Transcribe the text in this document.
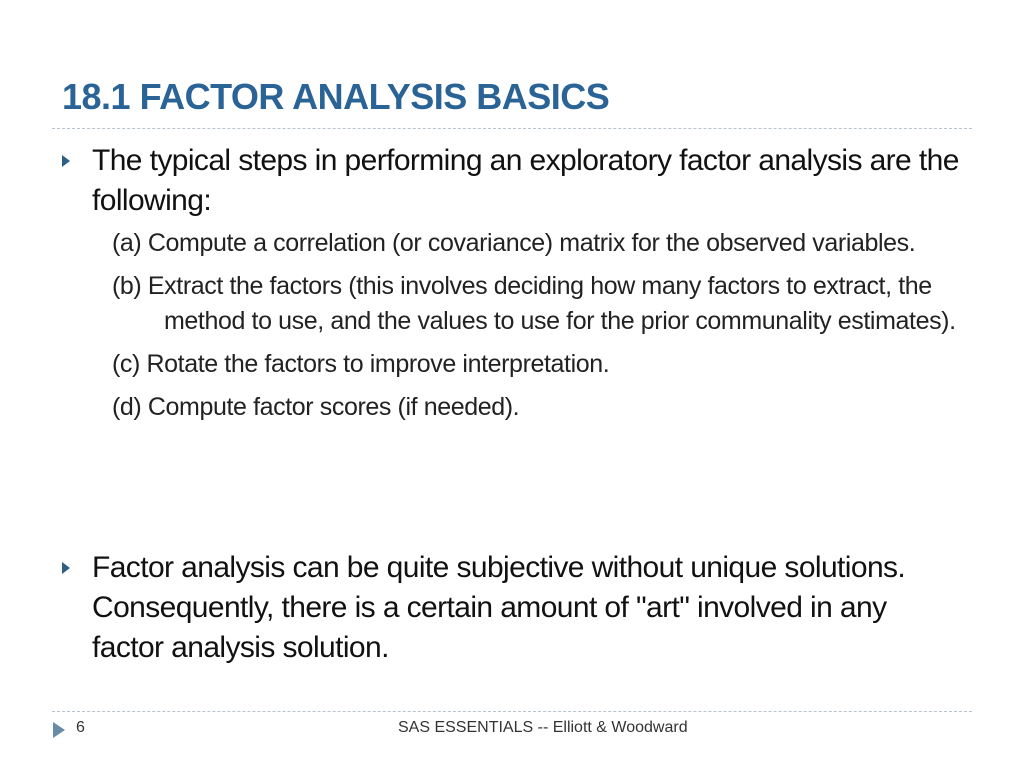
18.1 FACTOR ANALYSIS BASICS
The typical steps in performing an exploratory factor analysis are the following:
(a) Compute a correlation (or covariance) matrix for the observed variables.
(b) Extract the factors (this involves deciding how many factors to extract, the method to use, and the values to use for the prior communality estimates).
(c) Rotate the factors to improve interpretation.
(d) Compute factor scores (if needed).
Factor analysis can be quite subjective without unique solutions. Consequently, there is a certain amount of "art" involved in any factor analysis solution.
6	SAS ESSENTIALS -- Elliott & Woodward
